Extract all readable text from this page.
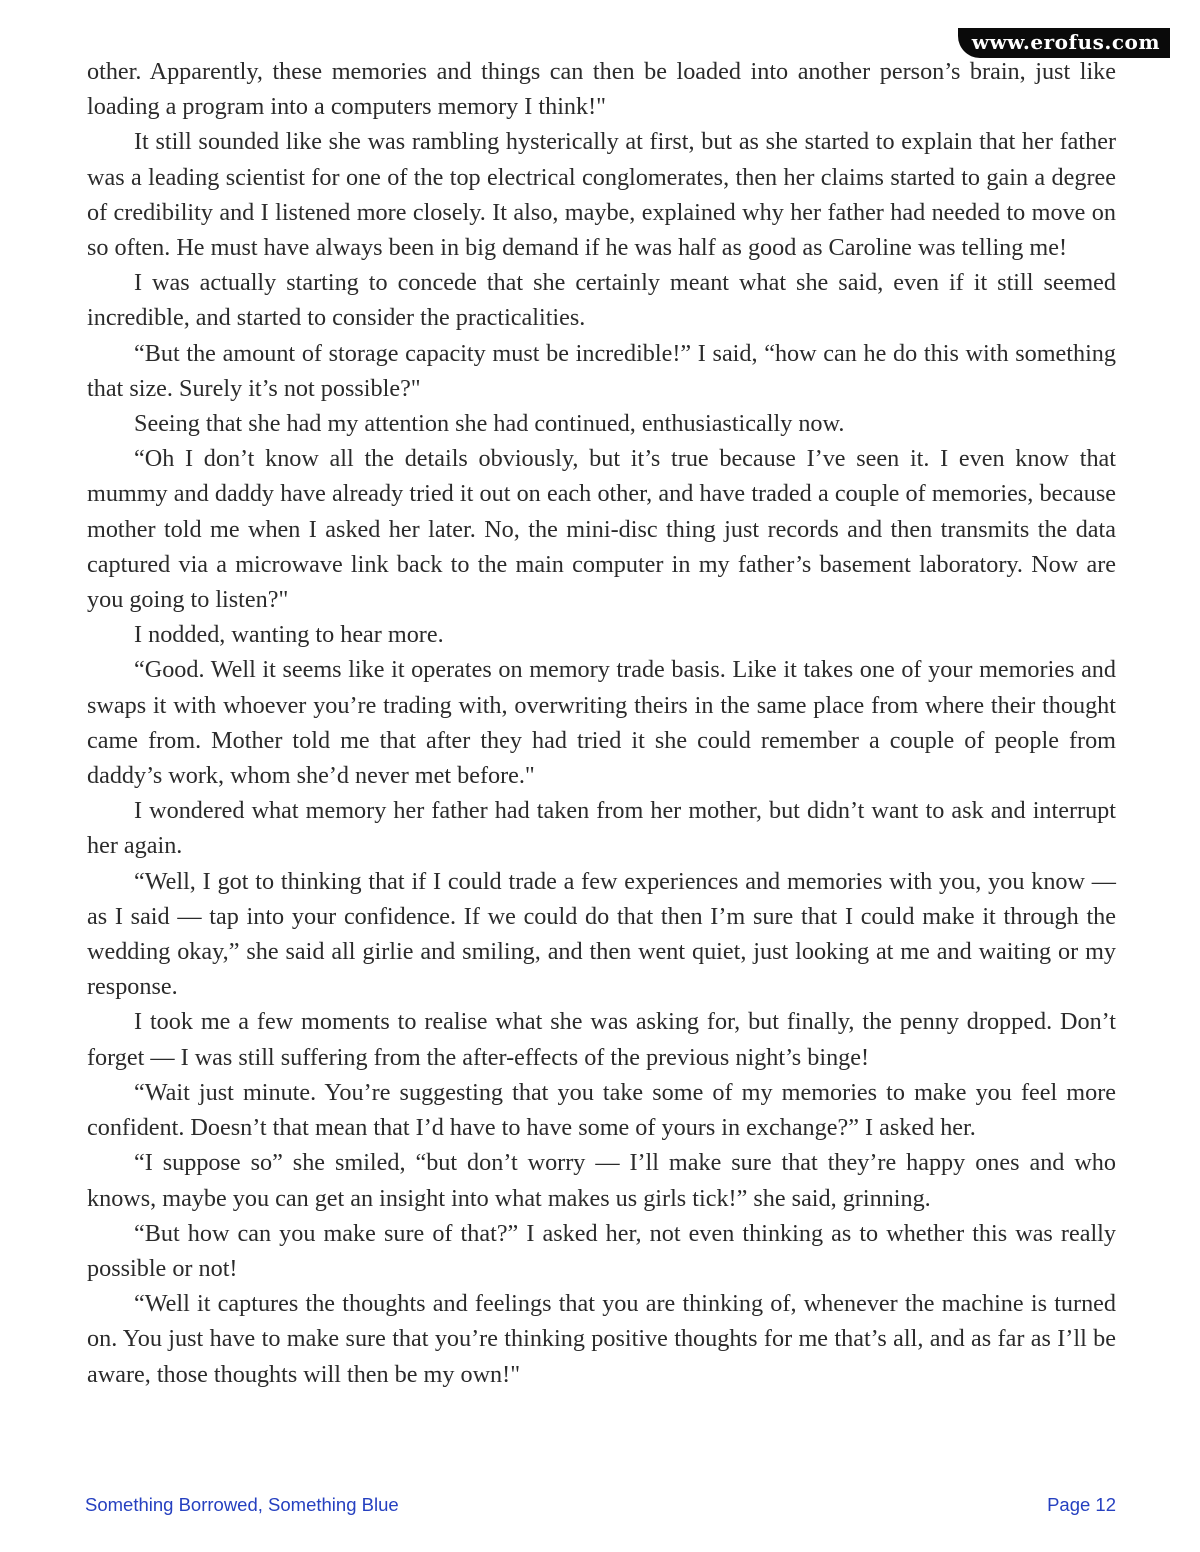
www.erofus.com

other. Apparently, these memories and things can then be loaded into another person’s brain, just like loading a program into a computers memory I think!"

It still sounded like she was rambling hysterically at first, but as she started to explain that her father was a leading scientist for one of the top electrical conglomerates, then her claims started to gain a degree of credibility and I listened more closely. It also, maybe, explained why her father had needed to move on so often. He must have always been in big demand if he was half as good as Caroline was telling me!

I was actually starting to concede that she certainly meant what she said, even if it still seemed incredible, and started to consider the practicalities.

“But the amount of storage capacity must be incredible!” I said, “how can he do this with something that size. Surely it’s not possible?"

Seeing that she had my attention she had continued, enthusiastically now.

“Oh I don’t know all the details obviously, but it’s true because I’ve seen it. I even know that mummy and daddy have already tried it out on each other, and have traded a couple of memories, because mother told me when I asked her later. No, the mini-disc thing just records and then transmits the data captured via a microwave link back to the main computer in my father’s basement laboratory. Now are you going to listen?"

I nodded, wanting to hear more.

“Good. Well it seems like it operates on memory trade basis. Like it takes one of your memories and swaps it with whoever you’re trading with, overwriting theirs in the same place from where their thought came from. Mother told me that after they had tried it she could remember a couple of people from daddy’s work, whom she’d never met before."

I wondered what memory her father had taken from her mother, but didn’t want to ask and interrupt her again.

“Well, I got to thinking that if I could trade a few experiences and memories with you, you know — as I said — tap into your confidence. If we could do that then I’m sure that I could make it through the wedding okay,” she said all girlie and smiling, and then went quiet, just looking at me and waiting or my response.

I took me a few moments to realise what she was asking for, but finally, the penny dropped. Don’t forget — I was still suffering from the after-effects of the previous night’s binge!

“Wait just minute. You’re suggesting that you take some of my memories to make you feel more confident. Doesn’t that mean that I’d have to have some of yours in exchange?” I asked her.

“I suppose so” she smiled, “but don’t worry — I’ll make sure that they’re happy ones and who knows, maybe you can get an insight into what makes us girls tick!” she said, grinning.

“But how can you make sure of that?” I asked her, not even thinking as to whether this was really possible or not!

“Well it captures the thoughts and feelings that you are thinking of, whenever the machine is turned on. You just have to make sure that you’re thinking positive thoughts for me that’s all, and as far as I’ll be aware, those thoughts will then be my own!"

Something Borrowed, Something Blue	Page 12
